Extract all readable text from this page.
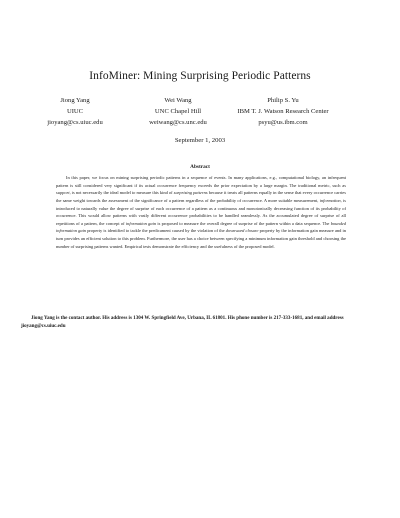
InfoMiner: Mining Surprising Periodic Patterns
Jiong Yang
UIUC
jioyang@cs.uiuc.edu
Wei Wang
UNC Chapel Hill
weiwang@cs.unc.edu
Philip S. Yu
IBM T. J. Watson Research Center
psyu@us.ibm.com
September 1, 2003
Abstract

In this paper, we focus on mining surprising periodic patterns in a sequence of events. In many applications, e.g., computational biology, an infrequent pattern is still considered very significant if its actual occurrence frequency exceeds the prior expectation by a large margin. The traditional metric, such as support, is not necessarily the ideal model to measure this kind of surprising patterns because it treats all patterns equally in the sense that every occurrence carries the same weight towards the assessment of the significance of a pattern regardless of the probability of occurrence. A more suitable measurement, information, is introduced to naturally value the degree of surprise of each occurrence of a pattern as a continuous and monotonically decreasing function of its probability of occurrence. This would allow patterns with vastly different occurrence probabilities to be handled seamlessly. As the accumulated degree of surprise of all repetitions of a pattern, the concept of information gain is proposed to measure the overall degree of surprise of the pattern within a data sequence. The bounded information gain property is identified to tackle the predicament caused by the violation of the downward closure property by the information gain measure and in turn provides an efficient solution to this problem. Furthermore, the user has a choice between specifying a minimum information gain threshold and choosing the number of surprising patterns wanted. Empirical tests demonstrate the efficiency and the usefulness of the proposed model.

Jiong Yang is the contact author. His address is 1304 W. Springfield Ave, Urbana, IL 61801. His phone number is 217-333-1681, and email address jioyang@cs.uiuc.edu
